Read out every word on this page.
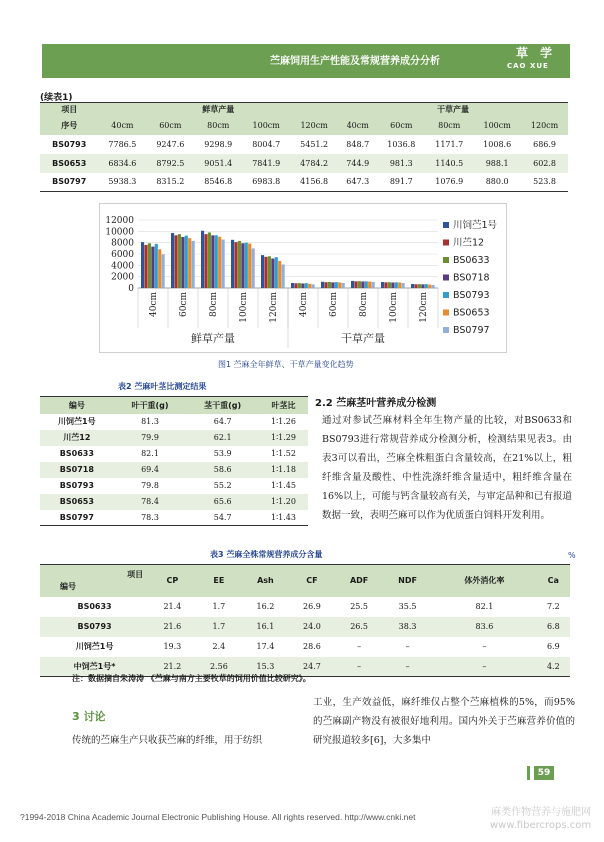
苎麻饲用生产性能及常规营养成分分析
草 学
CAO XUE
(续表1)
项目	鲜草产量					干草产量				
序号	40cm	60cm	80cm	100cm	120cm	40cm	60cm	80cm	100cm	120cm
BS0793	7786.5	9247.6	9298.9	8004.7	5451.2	848.7	1036.8	1171.7	1008.6	686.9
BS0653	6834.6	8792.5	9051.4	7841.9	4784.2	744.9	981.3	1140.5	988.1	602.8
BS0797	5938.3	8315.2	8546.8	6983.8	4156.8	647.3	891.7	1076.9	880.0	523.8
12000
10000
8000
6000
4000
2000
0
40cm 60cm 80cm 100cm 120cm 40cm 60cm 80cm 100cm 120cm
鲜草产量	干草产量
川饲苎1号
川苎12
BS0633
BS0718
BS0793
BS0653
BS0797
图1 苎麻全年鲜草、干草产量变化趋势
表2 苎麻叶茎比测定结果
编号	叶干重(g)	茎干重(g)	叶茎比
川饲苎1号	81.3	64.7	1∶1.26
川苎12	79.9	62.1	1∶1.29
BS0633	82.1	53.9	1∶1.52
BS0718	69.4	58.6	1∶1.18
BS0793	79.8	55.2	1∶1.45
BS0653	78.4	65.6	1∶1.20
BS0797	78.3	54.7	1∶1.43
2.2 苎麻茎叶营养成分检测
通过对参试苎麻材料全年生物产量的比较，对BS0633和BS0793进行常规营养成分检测分析，检测结果见表3。由表3可以看出，苎麻全株粗蛋白含量较高，在21%以上，粗纤维含量及酸性、中性洗涤纤维含量适中，粗纤维含量在16%以上，可能与钙含量较高有关，与审定品种和已有报道数据一致，表明苎麻可以作为优质蛋白饲料开发利用。
表3 苎麻全株常规营养成分含量	%
项目
编号	CP	EE	Ash	CF	ADF	NDF	体外消化率	Ca
BS0633	21.4	1.7	16.2	26.9	25.5	35.5	82.1	7.2
BS0793	21.6	1.7	16.1	24.0	26.5	38.3	83.6	6.8
川饲苎1号	19.3	2.4	17.4	28.6	–	–	–	6.9
中饲苎1号*	21.2	2.56	15.3	24.7	–	–	–	4.2
注：数据摘自朱涛涛 《苎麻与南方主要牧草的饲用价值比较研究》。
3 讨论
传统的苎麻生产只收获苎麻的纤维，用于纺织
工业，生产效益低，麻纤维仅占整个苎麻植株的5%，而95%的苎麻副产物没有被很好地利用。国内外关于苎麻营养价值的研究报道较多[6]，大多集中
59
?1994-2018 China Academic Journal Electronic Publishing House. All rights reserved. http://www.cnki.net	麻类作物营养与施肥网
www.fibercrops.com
